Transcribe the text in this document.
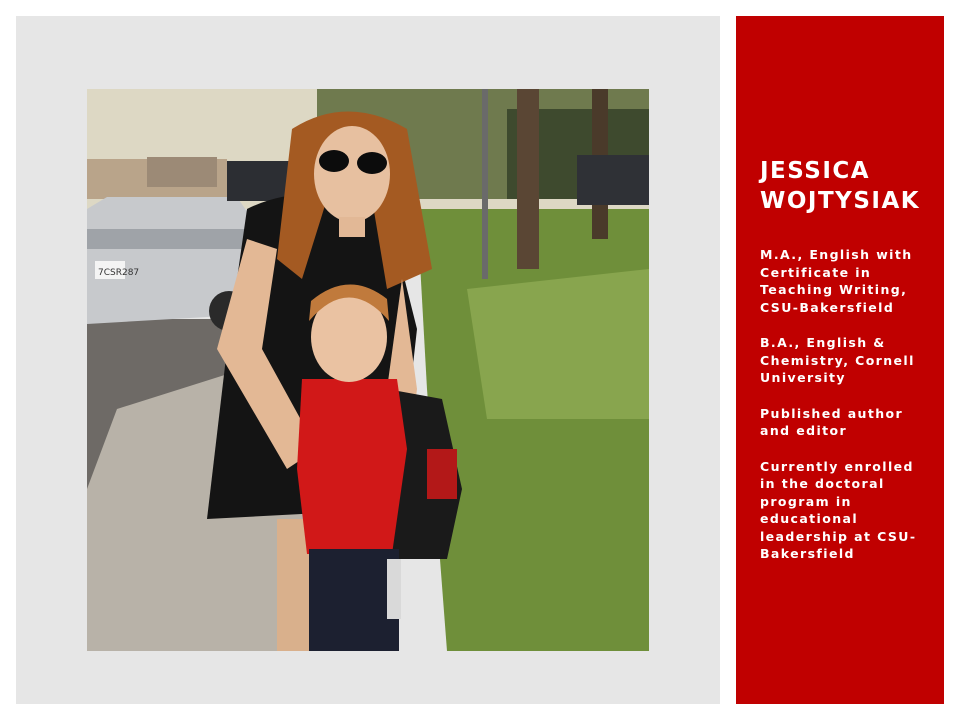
7CSR287
JESSICA WOJTYSIAK
M.A., English with Certificate in Teaching Writing, CSU-Bakersfield
B.A., English & Chemistry, Cornell University
Published author and editor
Currently enrolled in the doctoral program in educational leadership at CSU-Bakersfield
